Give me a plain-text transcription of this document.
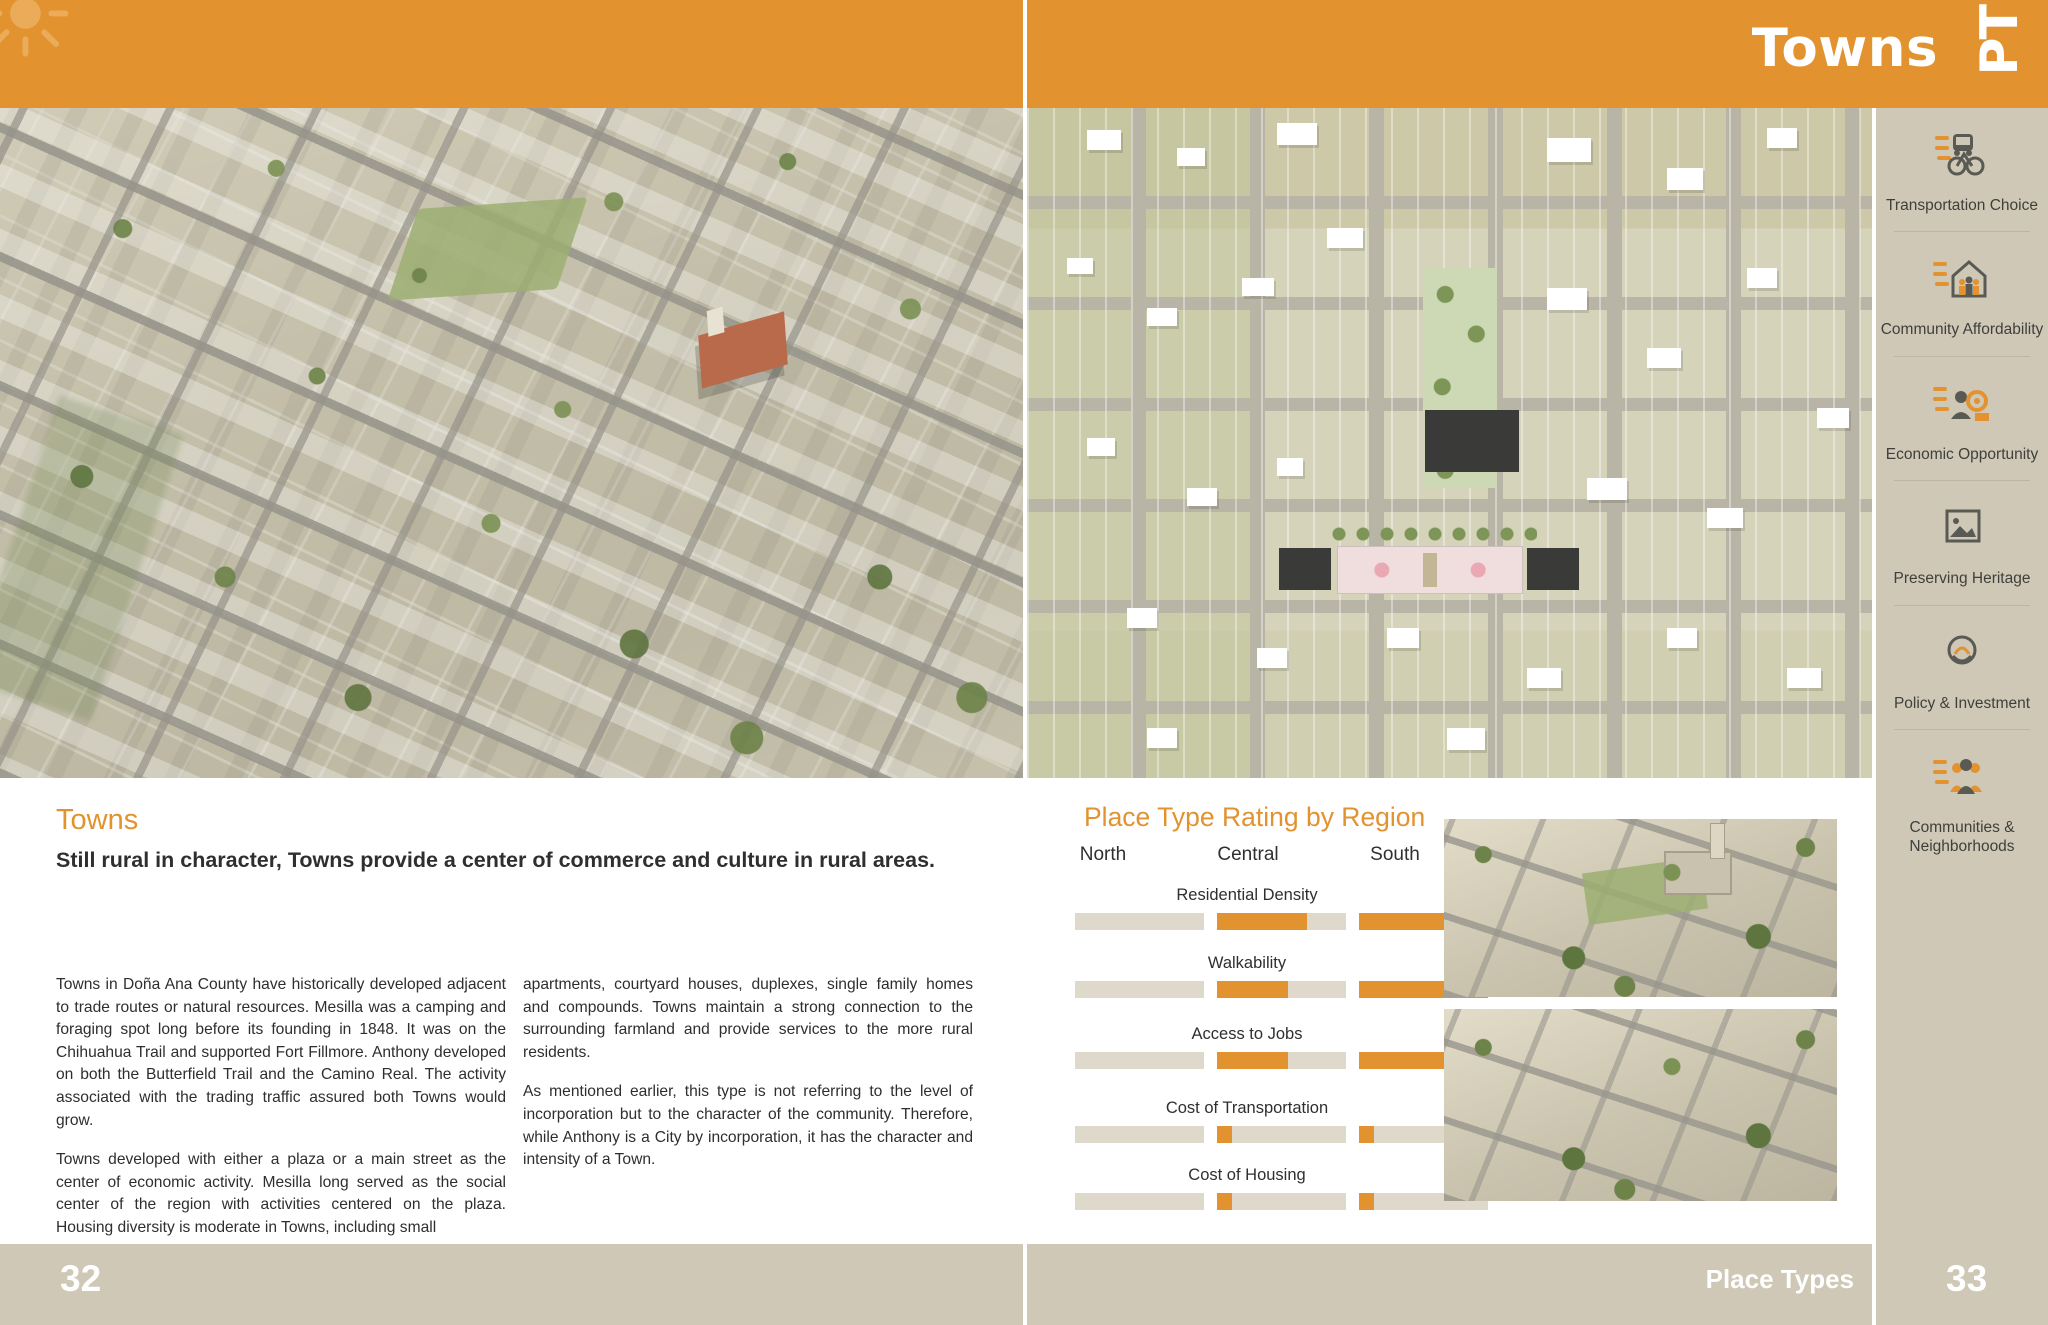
Towns PT
Transportation Choice
Community Affordability
Economic Opportunity
Preserving Heritage
Policy & Investment
Communities & Neighborhoods
Towns
Still rural in character, Towns provide a center of commerce and culture in rural areas.

Towns in Doña Ana County have historically developed adjacent to trade routes or natural resources. Mesilla was a camping and foraging spot long before its founding in 1848. It was on the Chihuahua Trail and supported Fort Fillmore. Anthony developed on both the Butterfield Trail and the Camino Real. The activity associated with the trading traffic assured both Towns would grow.

Towns developed with either a plaza or a main street as the center of economic activity. Mesilla long served as the social center of the region with activities centered on the plaza. Housing diversity is moderate in Towns, including small

apartments, courtyard houses, duplexes, single family homes and compounds. Towns maintain a strong connection to the surrounding farmland and provide services to the more rural residents.

As mentioned earlier, this type is not referring to the level of incorporation but to the character of the community. Therefore, while Anthony is a City by incorporation, it has the character and intensity of a Town.

Place Type Rating by Region
North	Central	South
Residential Density
Walkability
Access to Jobs
Cost of Transportation
Cost of Housing
32	Place Types 33
